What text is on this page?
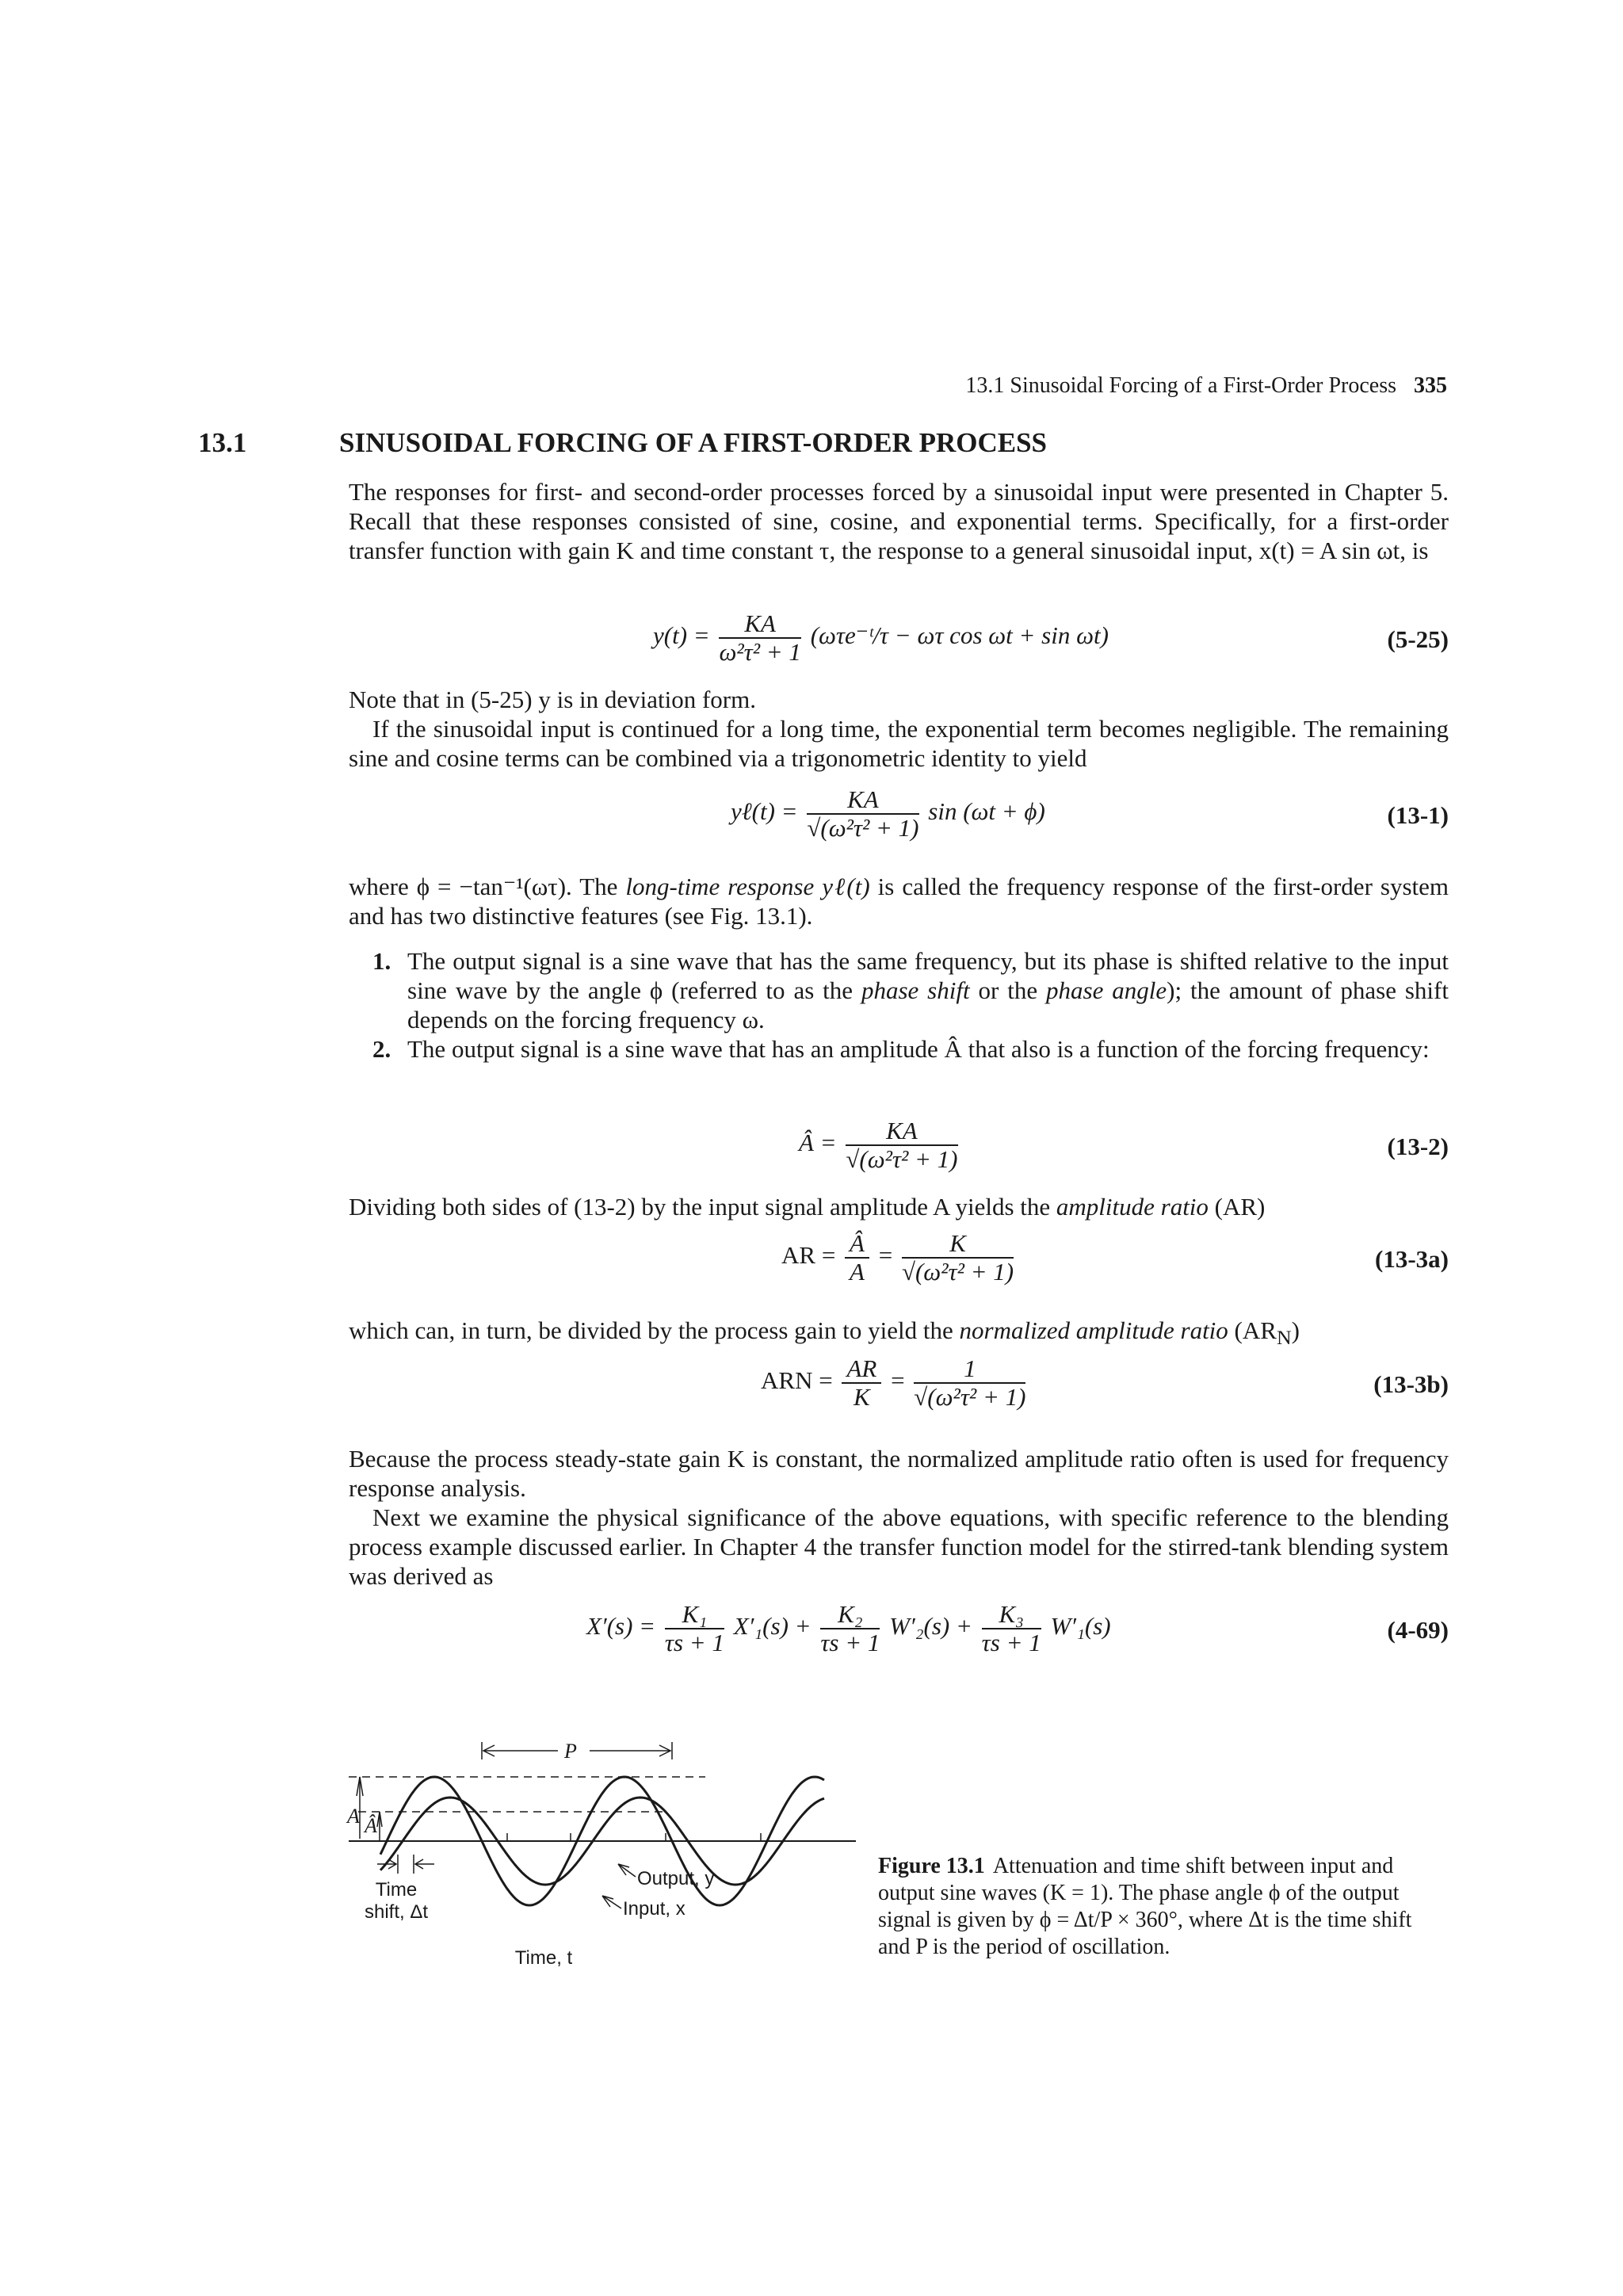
13.1 Sinusoidal Forcing of a First-Order Process 335
13.1	SINUSOIDAL FORCING OF A FIRST-ORDER PROCESS

The responses for first- and second-order processes forced by a sinusoidal input were presented in Chapter 5. Recall that these responses consisted of sine, cosine, and exponential terms. Specifically, for a first-order transfer function with gain K and time constant τ, the response to a general sinusoidal input, x(t) = A sin ωt, is

$y(t) = \frac{KA}{\text{ω²τ² + 1}}$ (ωτe⁻ᵗ/τ − ωτ cos ωt + sin ωt)	(5-25)

Note that in (5-25) y is in deviation form.

If the sinusoidal input is continued for a long time, the exponential term becomes negligible. The remaining sine and cosine terms can be combined via a trigonometric identity to yield

yℓ(t) = $\frac{KA}{\text{√(ω²τ² + 1)}}$ sin (ωt + ϕ)	(13-1)

where ϕ = −tan⁻¹(ωτ). The long-time response yℓ(t) is called the frequency response of the first-order system and has two distinctive features (see Fig. 13.1).

1. The output signal is a sine wave that has the same frequency, but its phase is shifted relative to the input sine wave by the angle ϕ (referred to as the phase shift or the phase angle); the amount of phase shift depends on the forcing frequency ω.
2. The output signal is a sine wave that has an amplitude Â that also is a function of the forcing frequency:
Â = $\frac{KA}{\text{√(ω²τ² + 1)}}$	(13-2)

Dividing both sides of (13-2) by the input signal amplitude A yields the amplitude ratio (AR)

AR = $\frac{Â}{A} = \frac{K}{\text{√(ω²τ² + 1)}}$	(13-3a)

which can, in turn, be divided by the process gain to yield the normalized amplitude ratio $(AR_N)$

ARN = $\frac{AR}{K} = \frac{1}{\text{√(ω²τ² + 1)}}$	(13-3b)

Because the process steady-state gain K is constant, the normalized amplitude ratio often is used for frequency response analysis.

Next we examine the physical significance of the above equations, with specific reference to the blending process example discussed earlier. In Chapter 4 the transfer function model for the stirred-tank blending system was derived as

$X'(s) = \frac{\text{K₁}}{\tau s + 1} X'_1(s) + \frac{\text{K₂}}{\tau s + 1} W'_2(s) + \frac{\text{K₃}}{\tau s + 1} W'_1(s)$	(4-69)
A Â
P
Time
shift, Δt
Output, y
Input, x
Time, t
Figure 13.1 Attenuation and time shift between input and output sine waves (K = 1). The phase angle ϕ of the output signal is given by ϕ = Δt/P × 360°, where Δt is the time shift and P is the period of oscillation.
